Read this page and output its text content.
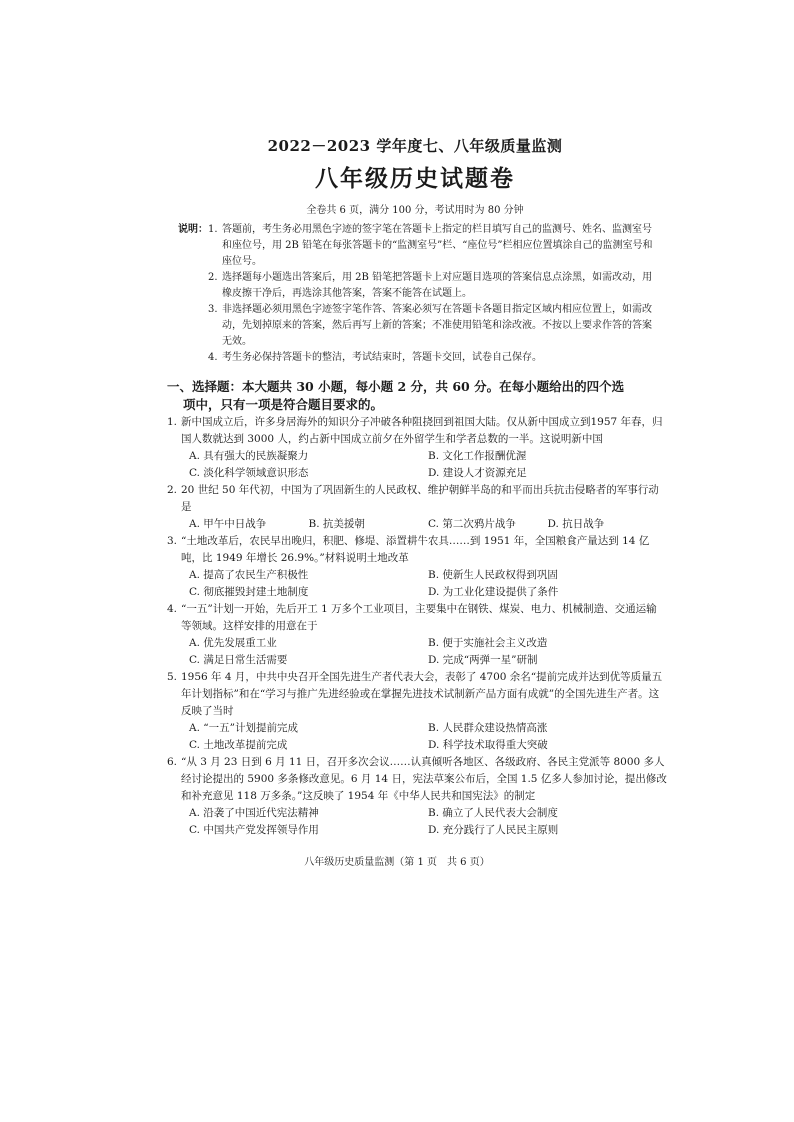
2022－2023 学年度七、八年级质量监测
八年级历史试题卷
全卷共 6 页，满分 100 分，考试用时为 80 分钟
说明： 1. 答题前，考生务必用黑色字迹的签字笔在答题卡上指定的栏目填写自己的监测号、姓名、监测室号和座位号，用 2B 铅笔在每张答题卡的“监测室号”栏、“座位号”栏相应位置填涂自己的监测室号和座位号。
2. 选择题每小题选出答案后，用 2B 铅笔把答题卡上对应题目选项的答案信息点涂黑，如需改动，用橡皮擦干净后，再选涂其他答案，答案不能答在试题上。
3. 非选择题必须用黑色字迹签字笔作答、答案必须写在答题卡各题目指定区域内相应位置上，如需改动，先划掉原来的答案，然后再写上新的答案；不准使用铅笔和涂改液。不按以上要求作答的答案无效。
4. 考生务必保持答题卡的整洁，考试结束时，答题卡交回，试卷自己保存。
一、选择题：本大题共 30 小题，每小题 2 分，共 60 分。在每小题给出的四个选
项中，只有一项是符合题目要求的。
1. 新中国成立后，许多身居海外的知识分子冲破各种阻挠回到祖国大陆。仅从新中国成立到1957 年春，归国人数就达到 3000 人，约占新中国成立前夕在外留学生和学者总数的一半。这说明新中国
A. 具有强大的民族凝聚力	B. 文化工作报酬优渥
C. 淡化科学领域意识形态	D. 建设人才资源充足
2. 20 世纪 50 年代初，中国为了巩固新生的人民政权、维护朝鲜半岛的和平而出兵抗击侵略者的军事行动是
A. 甲午中日战争	B. 抗美援朝	C. 第二次鸦片战争	D. 抗日战争
3. “土地改革后，农民早出晚归，积肥、修堤、添置耕牛农具……到 1951 年，全国粮食产量达到 14 亿吨，比 1949 年增长 26.9%。”材料说明土地改革
A. 提高了农民生产积极性	B. 使新生人民政权得到巩固
C. 彻底摧毁封建土地制度	D. 为工业化建设提供了条件
4. “一五”计划一开始，先后开工 1 万多个工业项目，主要集中在钢铁、煤炭、电力、机械制造、交通运输等领域。这样安排的用意在于
A. 优先发展重工业	B. 便于实施社会主义改造
C. 满足日常生活需要	D. 完成“两弹一星”研制
5. 1956 年 4 月，中共中央召开全国先进生产者代表大会，表彰了 4700 余名“提前完成并达到优等质量五年计划指标”和在“学习与推广先进经验或在掌握先进技术试制新产品方面有成就”的全国先进生产者。这反映了当时
A. “一五”计划提前完成	B. 人民群众建设热情高涨
C. 土地改革提前完成	D. 科学技术取得重大突破
6. “从 3 月 23 日到 6 月 11 日，召开多次会议……认真倾听各地区、各级政府、各民主党派等 8000 多人经讨论提出的 5900 多条修改意见。6 月 14 日，宪法草案公布后，全国 1.5 亿多人参加讨论，提出修改和补充意见 118 万多条。”这反映了 1954 年《中华人民共和国宪法》的制定
A. 沿袭了中国近代宪法精神	B. 确立了人民代表大会制度
C. 中国共产党发挥领导作用	D. 充分践行了人民民主原则
八年级历史质量监测（第 1 页　共 6 页）
